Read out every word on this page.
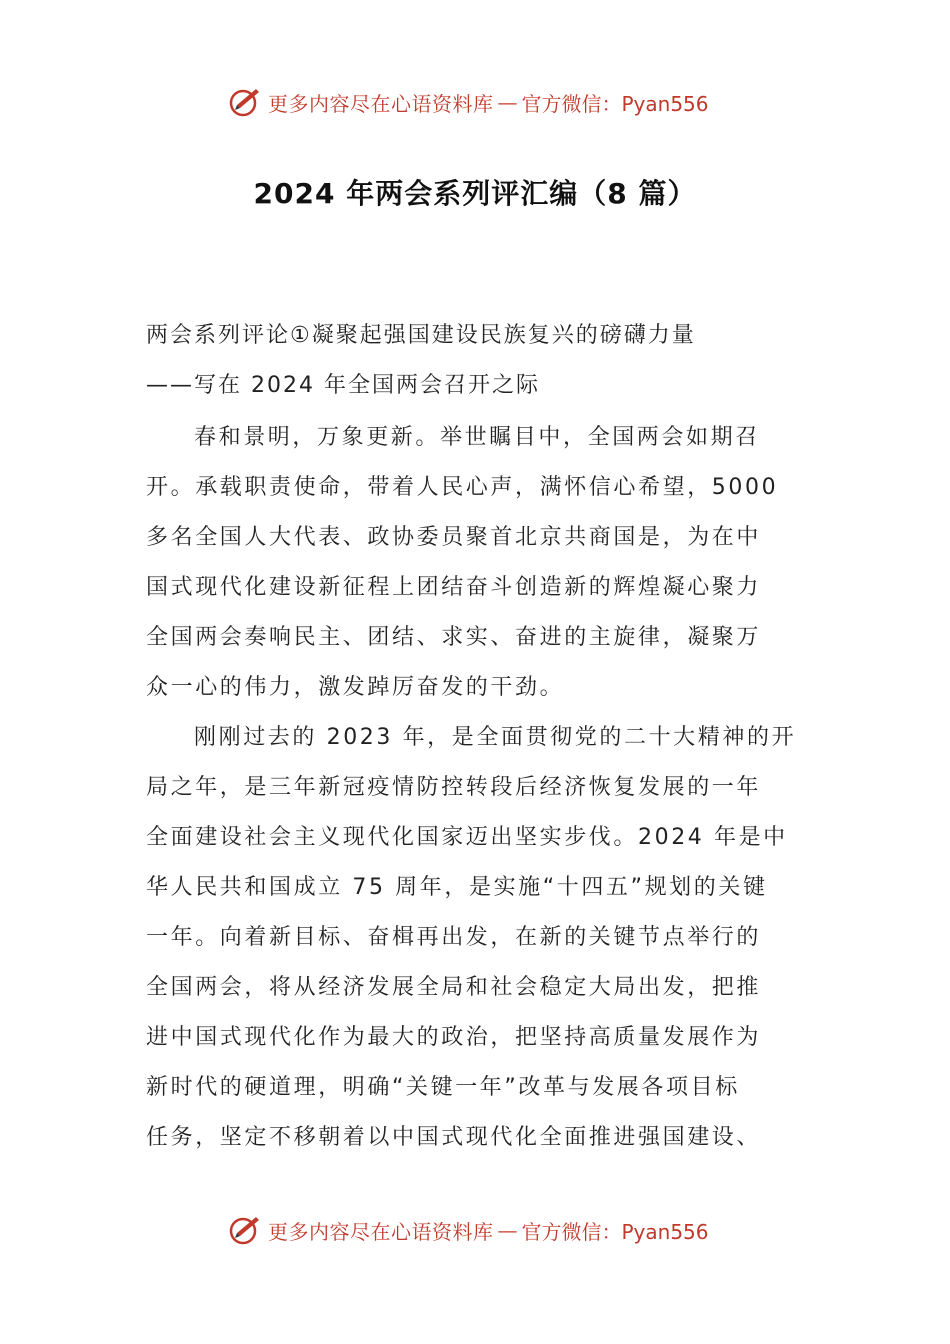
更多内容尽在心语资料库 — 官方微信：Pyan556
2024 年两会系列评汇编（8 篇）
两会系列评论①凝聚起强国建设民族复兴的磅礴力量
——写在 2024 年全国两会召开之际
春和景明，万象更新。举世瞩目中，全国两会如期召
开。承载职责使命，带着人民心声，满怀信心希望，5000
多名全国人大代表、政协委员聚首北京共商国是，为在中
国式现代化建设新征程上团结奋斗创造新的辉煌凝心聚力
全国两会奏响民主、团结、求实、奋进的主旋律，凝聚万
众一心的伟力，激发踔厉奋发的干劲。
刚刚过去的 2023 年，是全面贯彻党的二十大精神的开
局之年，是三年新冠疫情防控转段后经济恢复发展的一年
全面建设社会主义现代化国家迈出坚实步伐。2024 年是中
华人民共和国成立 75 周年，是实施“十四五”规划的关键
一年。向着新目标、奋楫再出发，在新的关键节点举行的
全国两会，将从经济发展全局和社会稳定大局出发，把推
进中国式现代化作为最大的政治，把坚持高质量发展作为
新时代的硬道理，明确“关键一年”改革与发展各项目标
任务，坚定不移朝着以中国式现代化全面推进强国建设、
更多内容尽在心语资料库 — 官方微信：Pyan556
